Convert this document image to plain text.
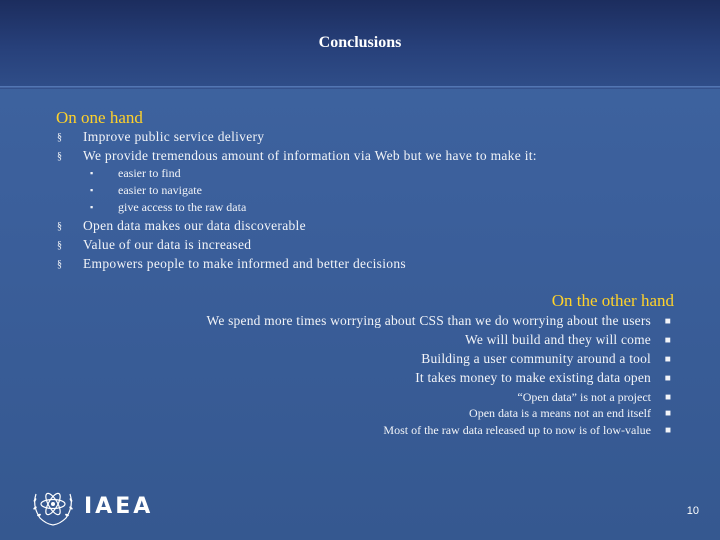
Conclusions
On one hand
§ Improve public service delivery
§ We provide tremendous amount of information via Web but we have to make it:
▪ easier to find
▪ easier to navigate
▪ give access to the raw data
§ Open data makes our data discoverable
§ Value of our data is increased
§ Empowers people to make informed and better decisions
On the other hand
We spend more times worrying about CSS than we do worrying about the users	■
We will build and they will come	■
Building a user community around a tool	■
It takes money to make existing data open	■
“Open data” is not a project	■
Open data is a means not an end itself	■
Most of the raw data released up to now is of low-value	■
IAEA	10
